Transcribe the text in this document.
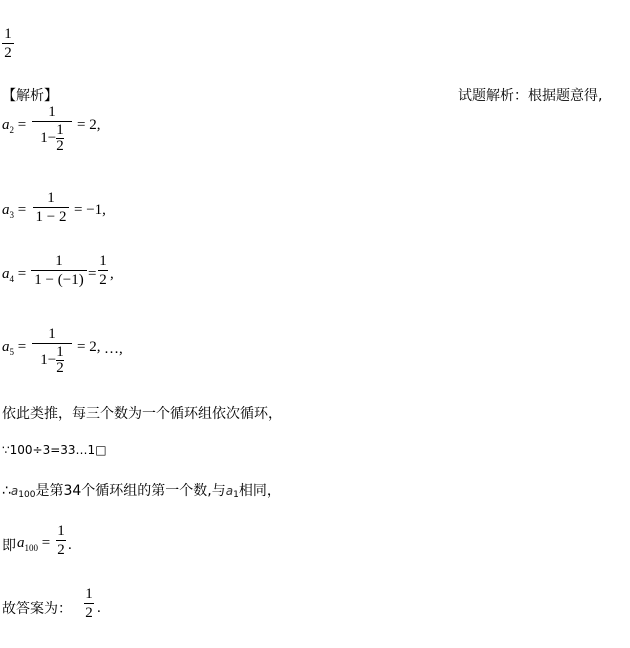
1
2
【解析】	试题解析：根据题意得,
$a_2$ =
1
$1- \frac{1}{2} = 2$,
$a_3$ =
1
1 − 2 = −1,
$a_4$ =
1
1 − (−1) =
1
2 ,
$a_5$ =
1
$1- \frac{1}{2} = 2$, …,
依此类推，每三个数为一个循环组依次循环，
∵100÷3=33…1□
∴a100是第34个循环组的第一个数,与a1相同，
即 $a_{100}$ =
1
2 .
故答案为：
1
2 .
